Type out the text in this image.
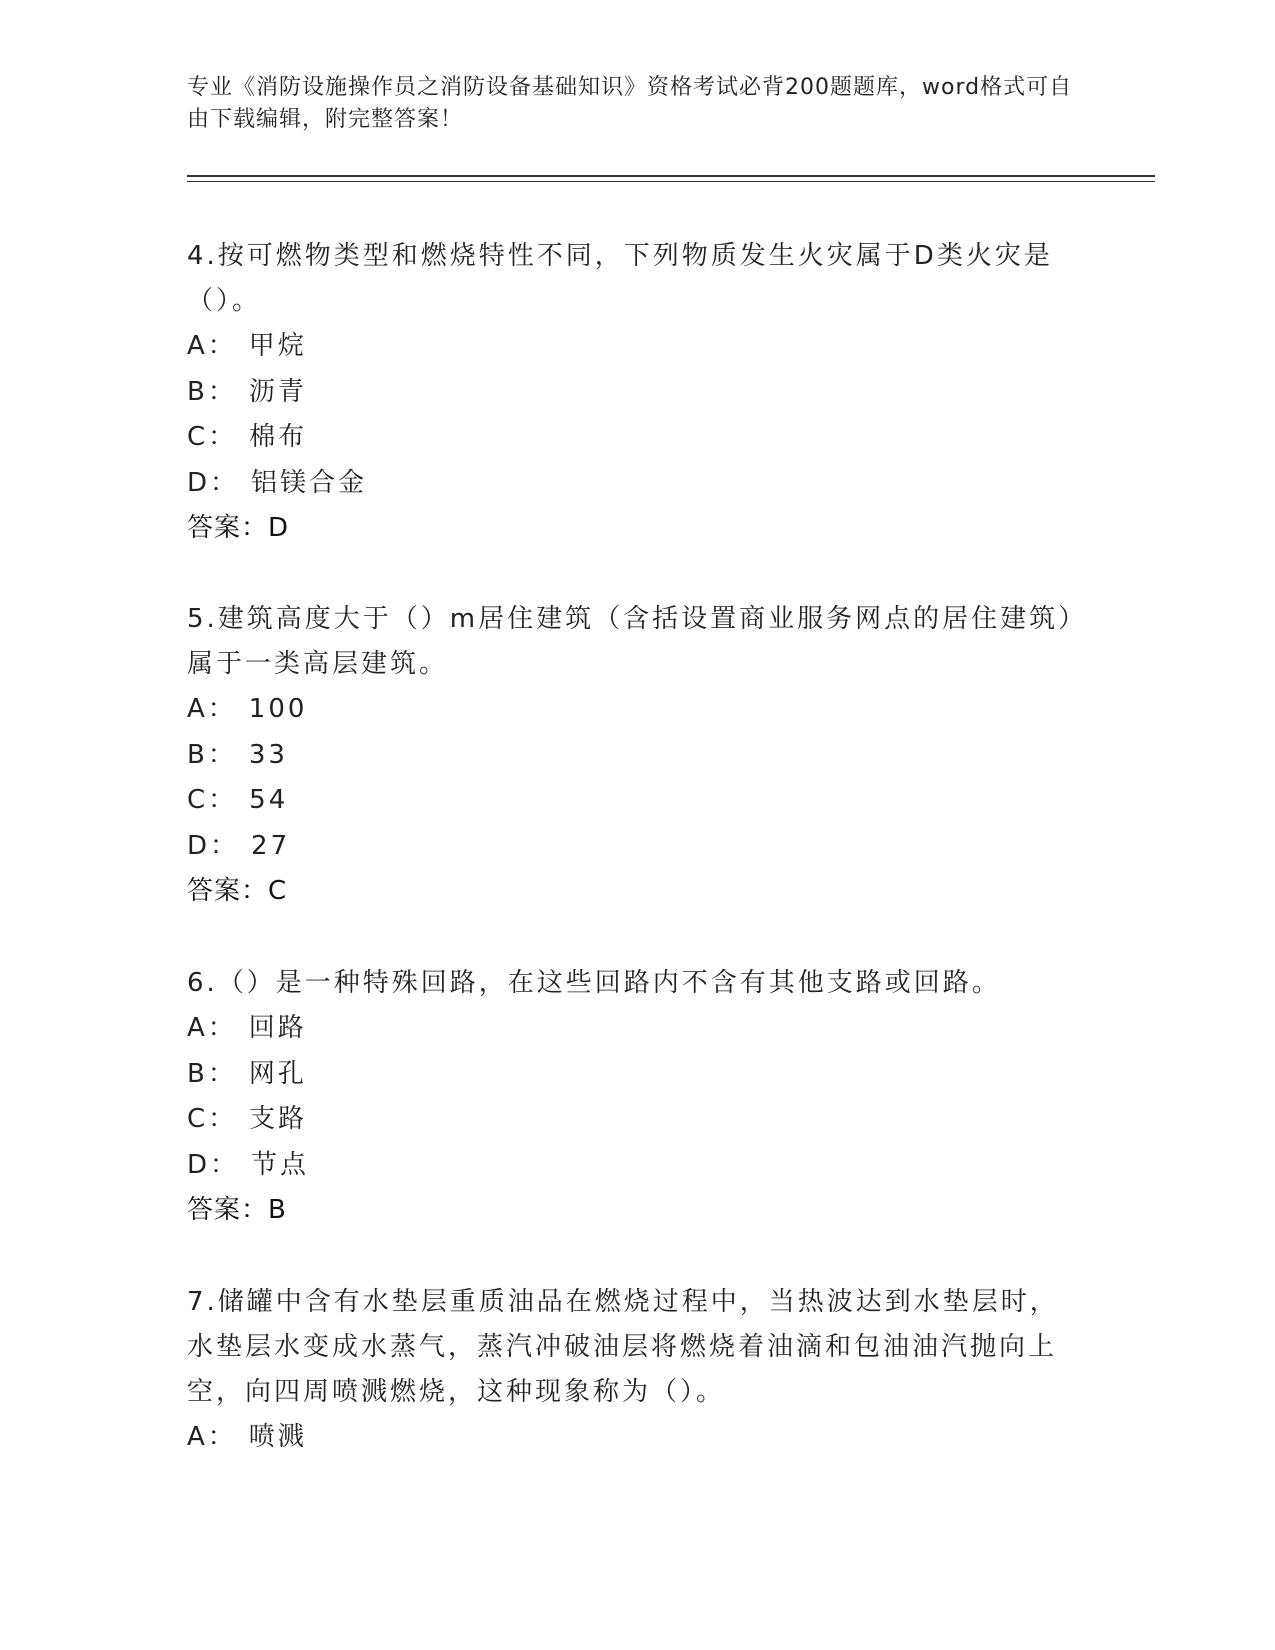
专业《消防设施操作员之消防设备基础知识》资格考试必背200题题库，word格式可自由下载编辑，附完整答案！
4.按可燃物类型和燃烧特性不同，下列物质发生火灾属于D类火灾是（）。
A： 甲烷
B： 沥青
C： 棉布
D： 铝镁合金
答案：D
5.建筑高度大于（）m居住建筑（含括设置商业服务网点的居住建筑）属于一类高层建筑。
A： 100
B： 33
C： 54
D： 27
答案：C
6.（）是一种特殊回路，在这些回路内不含有其他支路或回路。
A： 回路
B： 网孔
C： 支路
D： 节点
答案：B
7.储罐中含有水垫层重质油品在燃烧过程中，当热波达到水垫层时，水垫层水变成水蒸气，蒸汽冲破油层将燃烧着油滴和包油油汽抛向上空，向四周喷溅燃烧，这种现象称为（）。
A： 喷溅
